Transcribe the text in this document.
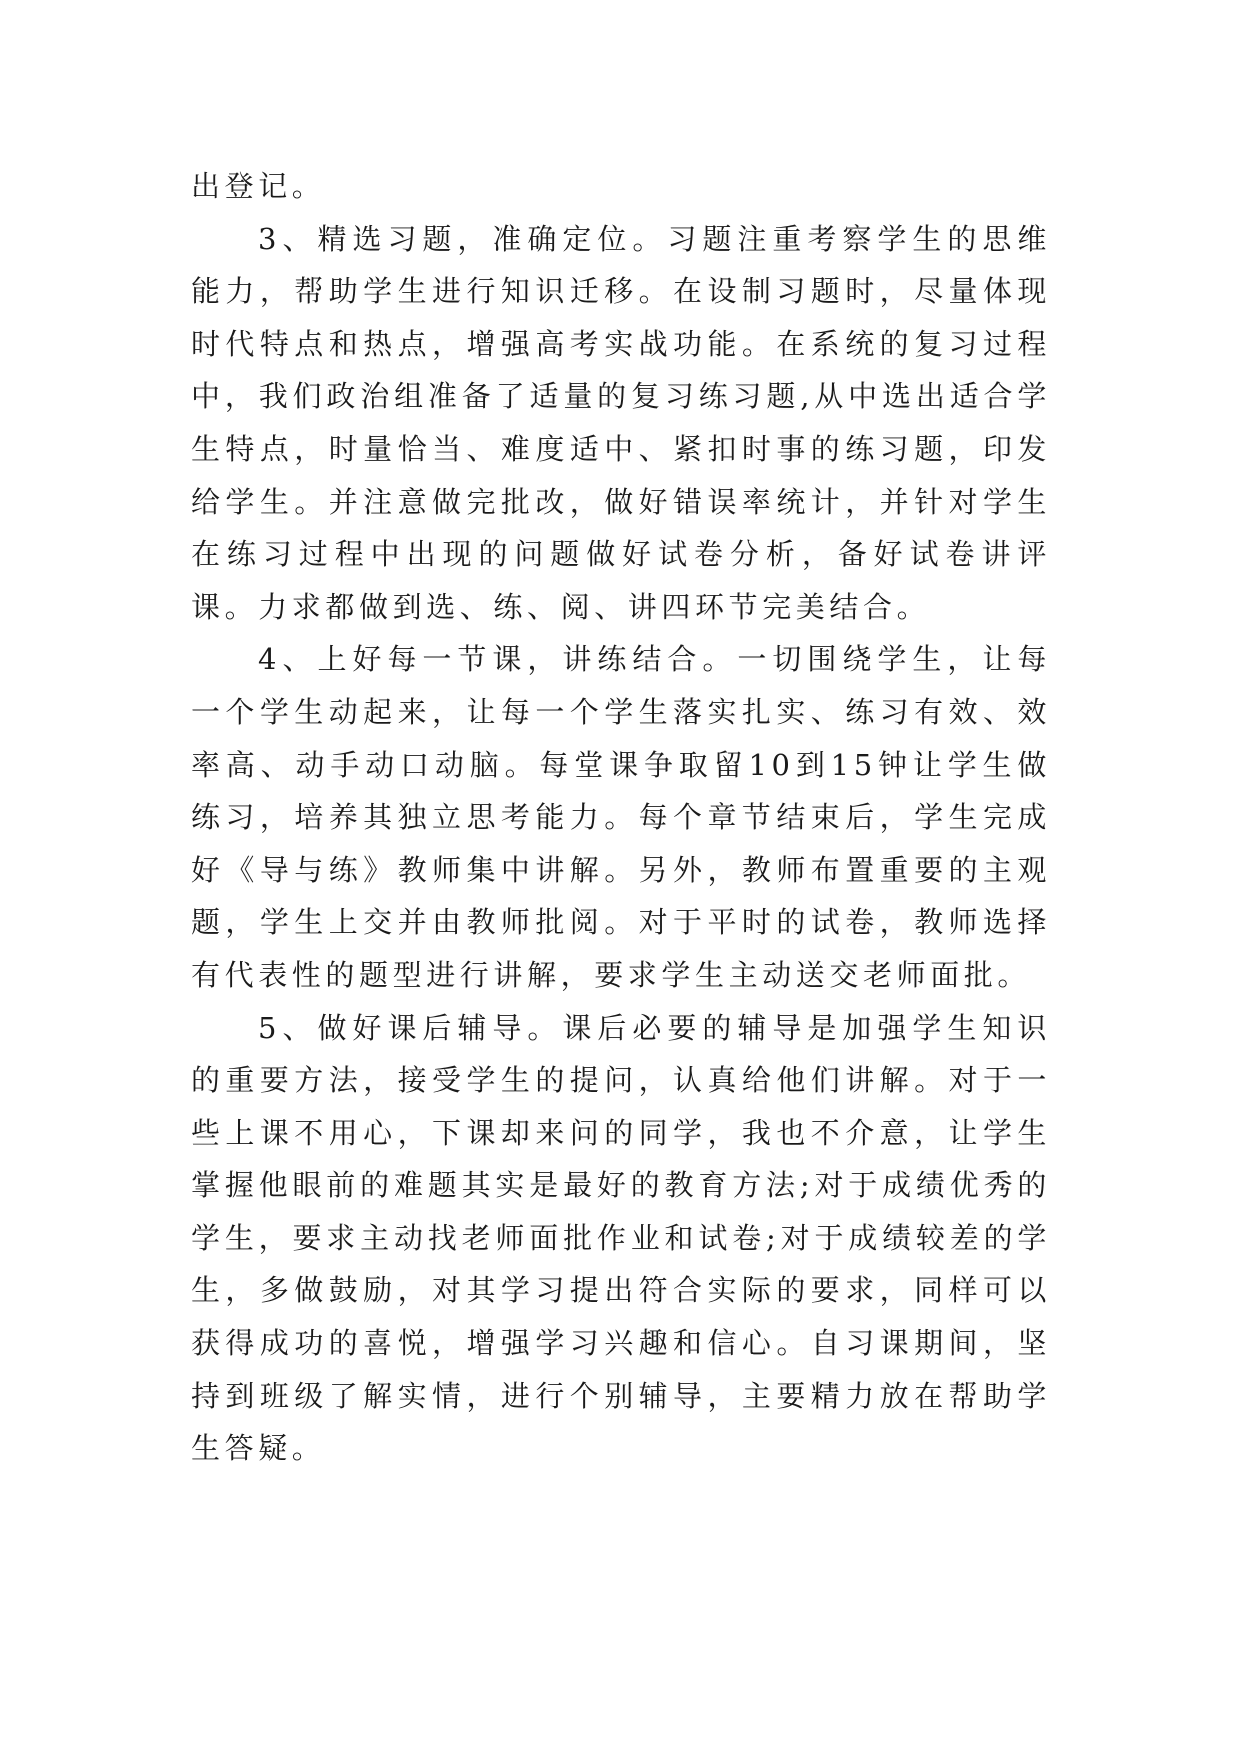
出登记。

3、精选习题，准确定位。习题注重考察学生的思维能力，帮助学生进行知识迁移。在设制习题时，尽量体现时代特点和热点，增强高考实战功能。在系统的复习过程中，我们政治组准备了适量的复习练习题,从中选出适合学生特点，时量恰当、难度适中、紧扣时事的练习题，印发给学生。并注意做完批改，做好错误率统计，并针对学生在练习过程中出现的问题做好试卷分析，备好试卷讲评课。力求都做到选、练、阅、讲四环节完美结合。

4、上好每一节课，讲练结合。一切围绕学生，让每一个学生动起来，让每一个学生落实扎实、练习有效、效率高、动手动口动脑。每堂课争取留10到15钟让学生做练习，培养其独立思考能力。每个章节结束后，学生完成好《导与练》教师集中讲解。另外，教师布置重要的主观题，学生上交并由教师批阅。对于平时的试卷，教师选择有代表性的题型进行讲解，要求学生主动送交老师面批。

5、做好课后辅导。课后必要的辅导是加强学生知识的重要方法，接受学生的提问，认真给他们讲解。对于一些上课不用心，下课却来问的同学，我也不介意，让学生掌握他眼前的难题其实是最好的教育方法;对于成绩优秀的学生，要求主动找老师面批作业和试卷;对于成绩较差的学生，多做鼓励，对其学习提出符合实际的要求，同样可以获得成功的喜悦，增强学习兴趣和信心。自习课期间，坚持到班级了解实情，进行个别辅导，主要精力放在帮助学生答疑。
